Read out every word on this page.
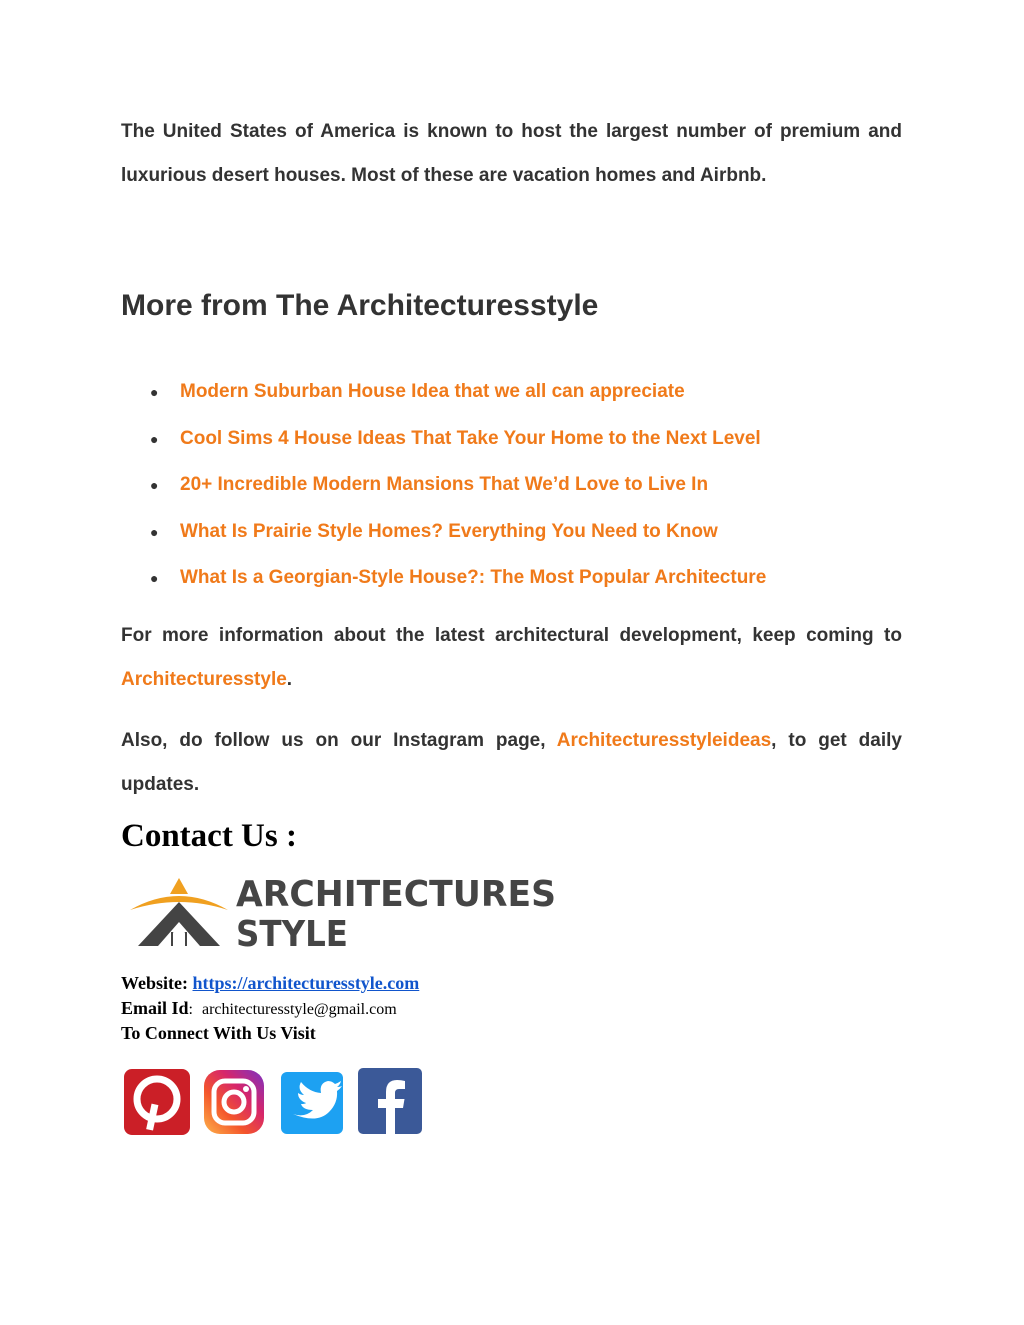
The United States of America is known to host the largest number of premium and luxurious desert houses. Most of these are vacation homes and Airbnb.

More from The Architecturesstyle
●	Modern Suburban House Idea that we all can appreciate
●	Cool Sims 4 House Ideas That Take Your Home to the Next Level
●	20+ Incredible Modern Mansions That We’d Love to Live In
●	What Is Prairie Style Homes? Everything You Need to Know
●	What Is a Georgian-Style House?: The Most Popular Architecture

For more information about the latest architectural development, keep coming to Architecturesstyle.

Also, do follow us on our Instagram page, Architecturesstyleideas, to get daily updates.

Contact Us :
ARCHITECTURES
STYLE
Website: https://architecturesstyle.com
Email Id: architecturesstyle@gmail.com
To Connect With Us Visit
